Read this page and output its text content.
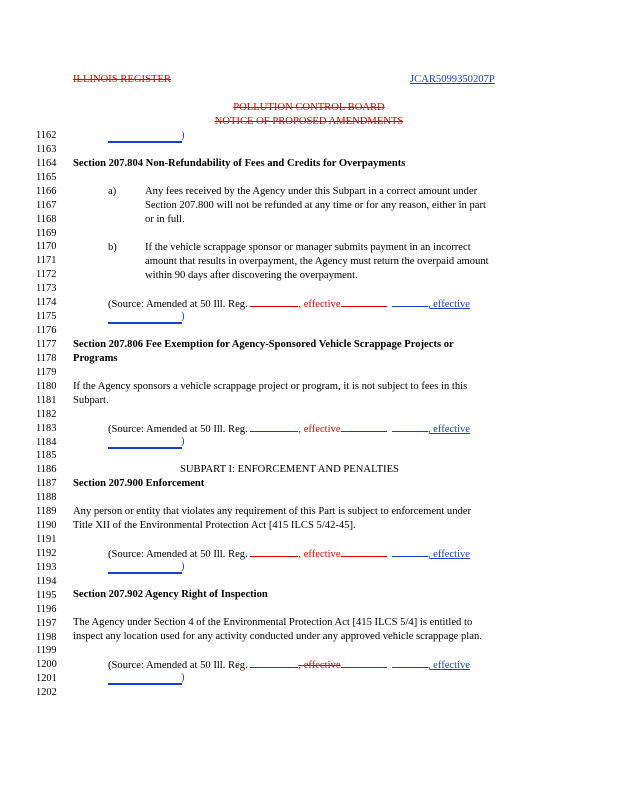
ILLINOIS REGISTER	JCAR5099350207P
POLLUTION CONTROL BOARD
NOTICE OF PROPOSED AMENDMENTS
1162
1163
1164
1165
1166
1167
1168
1169
1170
1171
1172
1173
1174
1175
1176
1177
1178
1179
1180
1181
1182
1183
1184
1185
1186
1187
1188
1189
1190
1191
1192
1193
1194
1195
1196
1197
1198
1199
1200
1201
1202
)
Section 207.804 Non-Refundability of Fees and Credits for Overpayments
a)	Any fees received by the Agency under this Subpart in a correct amount under
Section 207.800 will not be refunded at any time or for any reason, either in part
or in full.
b)	If the vehicle scrappage sponsor or manager submits payment in an incorrect
amount that results in overpayment, the Agency must return the overpaid amount
within 90 days after discovering the overpayment.
(Source: Amended at 50 Ill. Reg.	, effective	, effective
)
Section 207.806 Fee Exemption for Agency-Sponsored Vehicle Scrappage Projects or
Programs
If the Agency sponsors a vehicle scrappage project or program, it is not subject to fees in this
Subpart.
(Source: Amended at 50 Ill. Reg.	, effective	, effective
)
SUBPART I: ENFORCEMENT AND PENALTIES
Section 207.900 Enforcement
Any person or entity that violates any requirement of this Part is subject to enforcement under
Title XII of the Environmental Protection Act [415 ILCS 5/42-45].
(Source: Amended at 50 Ill. Reg.	, effective	, effective
)
Section 207.902 Agency Right of Inspection
The Agency under Section 4 of the Environmental Protection Act [415 ILCS 5/4] is entitled to
inspect any location used for any activity conducted under any approved vehicle scrappage plan.
(Source: Amended at 50 Ill. Reg.	, effective	, effective
)
